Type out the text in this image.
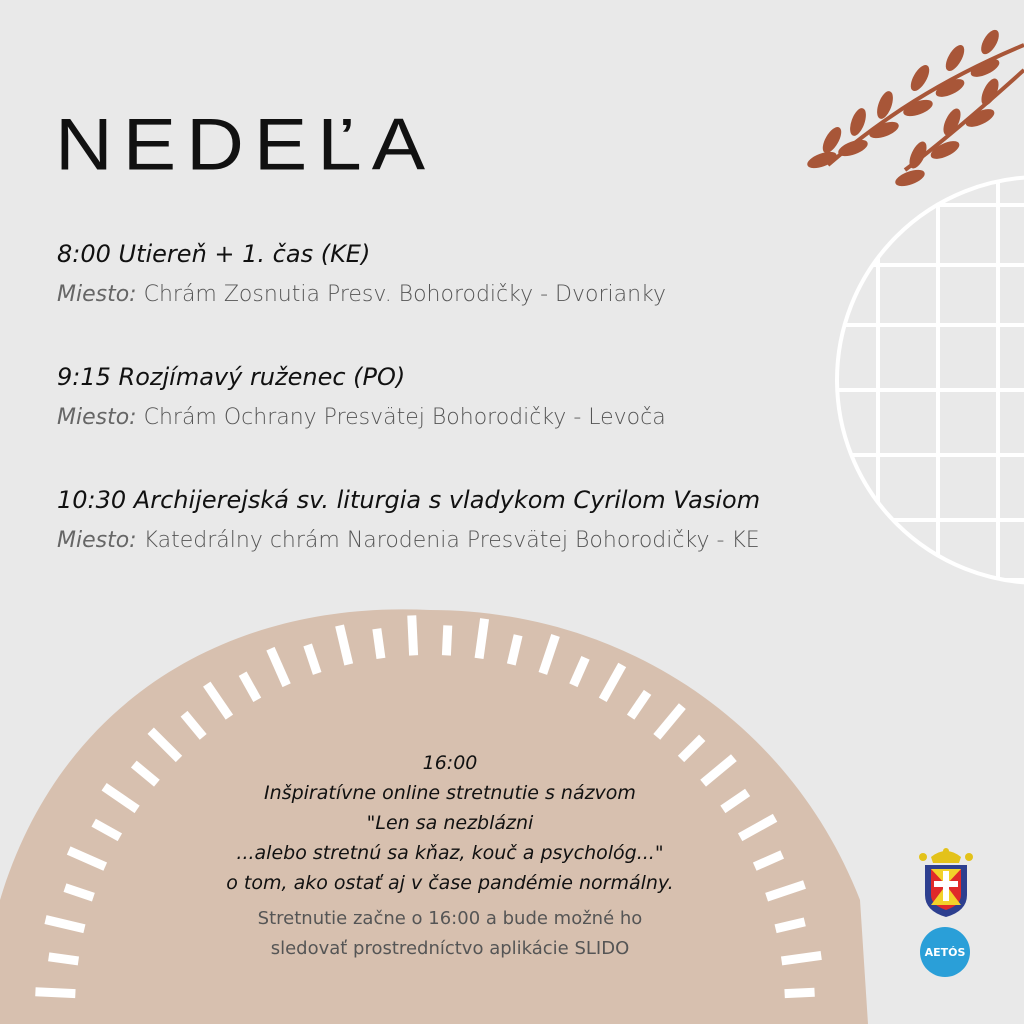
NEDEĽA
8:00 Utiereň + 1. čas (KE)
Miesto: Chrám Zosnutia Presv. Bohorodičky - Dvorianky
9:15 Rozjímavý ruženec (PO)
Miesto: Chrám Ochrany Presvätej Bohorodičky - Levoča
10:30 Archijerejská sv. liturgia s vladykom Cyrilom Vasiom
Miesto: Katedrálny chrám Narodenia Presvätej Bohorodičky - KE
16:00
Inšpiratívne online stretnutie s názvom
"Len sa nezblázni
...alebo stretnú sa kňaz, kouč a psychológ..."
o tom, ako ostať aj v čase pandémie normálny.
Stretnutie začne o 16:00 a bude možné ho
sledovať prostredníctvo aplikácie SLIDO	AETÓS
